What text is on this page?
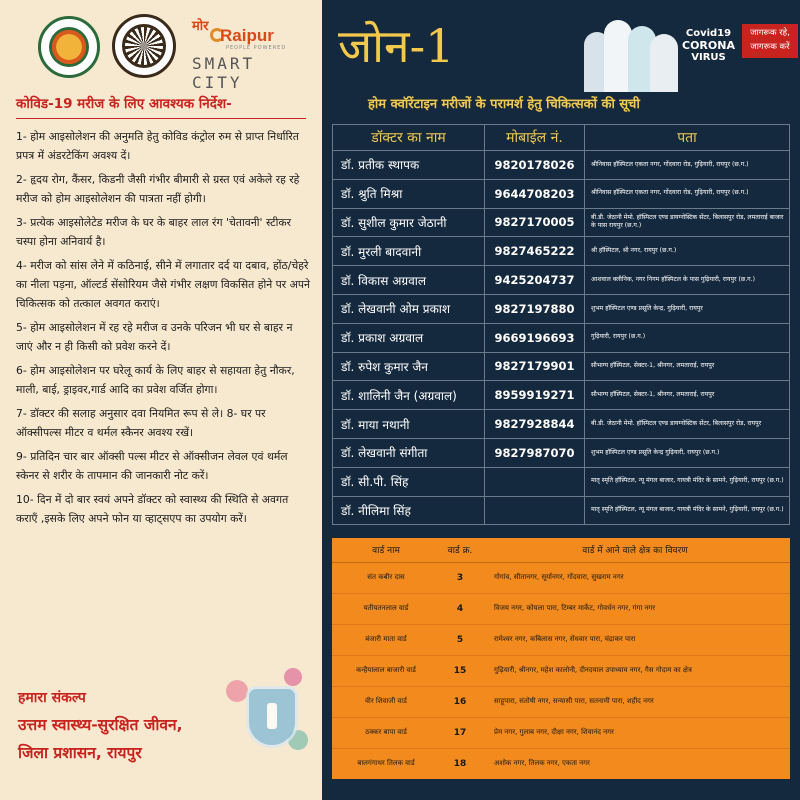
मोर Raipur
PEOPLE POWERED
SMART CITY
कोविड-19 मरीज के लिए आवश्यक निर्देश-

1- होम आइसोलेशन की अनुमति हेतु कोविड कंट्रोल रुम से प्राप्त निर्धारित प्रपत्र में अंडरटेकिंग अवश्य दें।

2- हृदय रोग, कैंसर, किडनी जैसी गंभीर बीमारी से ग्रस्त एवं अकेले रह रहे मरीज को होम आइसोलेशन की पात्रता नहीं होगी।

3- प्रत्येक आइसोलेटेड मरीज के घर के बाहर लाल रंग 'चेतावनी' स्टीकर चस्पा होना अनिवार्य है।

4- मरीज को सांस लेने में कठिनाई, सीने में लगातार दर्द या दबाव, होंठ/चेहरे का नीला पड़ना, ऑल्टर्ड सेंसोरियम जैसे गंभीर लक्षण विकसित होने पर अपने चिकित्सक को तत्काल अवगत कराएं।

5- होम आइसोलेशन में रह रहे मरीज व उनके परिजन भी घर से बाहर न जाएं और न ही किसी को प्रवेश करने दें।

6- होम आइसोलेशन पर घरेलू कार्य के लिए बाहर से सहायता हेतु नौकर, माली, बाई, ड्राइवर,गार्ड आदि का प्रवेश वर्जित होगा।

7- डॉक्टर की सलाह अनुसार दवा नियमित रूप से ले। 8- घर पर ऑक्सीपल्स मीटर व थर्मल स्कैनर अवश्य रखें।

9- प्रतिदिन चार बार ऑक्सी पल्स मीटर से ऑक्सीजन लेवल एवं थर्मल स्केनर से शरीर के तापमान की जानकारी नोट करें।

10- दिन में दो बार स्वयं अपने डॉक्टर को स्वास्थ्य की स्थिति से अवगत कराएँ ,इसके लिए अपने फोन या व्हाट्सएप का उपयोग करें।

हमारा संकल्प
उत्तम स्वास्थ्य-सुरक्षित जीवन,
जिला प्रशासन, रायपुर
जोन-1	Covid19
CORONA
VIRUS
जागरूक रहे,
जागरूक करें
होम क्वॉरेंटाइन मरीजों के परामर्श हेतु चिकित्सकों की सूची
डॉक्टर का नाम	मोबाईल नं.	पता
डॉ. प्रतीक स्थापक	9820178026	श्रीनिवास हॉस्पिटल एकता नगर, गोंदवारा रोड, गुढ़ियारी, रायपुर (छ.ग.)
डॉ. श्रुति मिश्रा	9644708203	श्रीनिवास हॉस्पिटल एकता नगर, गोंदवारा रोड, गुढ़ियारी, रायपुर (छ.ग.)
डॉ. सुशील कुमार जेठानी	9827170005	बी.डी. जेठानी मेमो. हॉस्पिटल एण्ड डायग्नोस्टिक सेंटर, बिलासपुर रोड, लमताराई बाजार के पास रायपुर (छ.ग.)
डॉ. मुरली बादवानी	9827465222	श्री हॉस्पिटल, श्री नगर, रायपुर (छ.ग.)
डॉ. विकास अग्रवाल	9425204737	आशवाल क्लीनिक, नगर निगम हॉस्पिटल के पास गुढ़ियारी, रायपुर (छ.ग.)
डॉ. लेखवानी ओम प्रकाश	9827197880	शुभम हॉस्पिटल एण्ड प्रसूति केन्द्र, गुढ़ियारी, रायपुर
डॉ. प्रकाश अग्रवाल	9669196693	गुढ़ियारी, रायपुर (छ.ग.)
डॉ. रुपेश कुमार जैन	9827179901	सौभाग्य हॉस्पिटल, सेक्टर-1, श्रीनगर, लमताराई, रायपुर
डॉ. शालिनी जैन (अग्रवाल)	8959919271	सौभाग्य हॉस्पिटल, सेक्टर-1, श्रीनगर, लमताराई, रायपुर
डॉ. माया नथानी	9827928844	बी.डी. जेठानी मेमो. हॉस्पिटल एण्ड डायग्नोस्टिक सेंटर, बिलासपुर रोड, रायपुर
डॉ. लेखवानी संगीता	9827987070	शुभम हॉस्पिटल एण्ड प्रसूति केन्द्र गुढ़ियारी, रायपुर (छ.ग.)
डॉ. सी.पी. सिंह		मातृ स्मृति हॉस्पिटल, न्यू मंगल बाजार, गायत्री मंदिर के सामने, गुढ़ियारी, रायपुर (छ.ग.)
डॉ. नीलिमा सिंह		मातृ स्मृति हॉस्पिटल, न्यू मंगल बाजार, गायत्री मंदिर के सामने, गुढ़ियारी, रायपुर (छ.ग.)
वार्ड नाम	वार्ड क्र.	वार्ड में आने वाले क्षेत्र का विवरण
संत कबीर दास	3	गोगांव, सीतानगर, सूर्यानगर, गोंदवारा, सुखराम नगर
यतीयतनलाल वार्ड	4	विजय नगर, कोयला पारा, टिम्बर मार्केट, गोवर्धन नगर, गंगा नगर
बंजारी माता वार्ड	5	रामेश्वर नगर, कबिलास नगर, सेंधवार पारा, चंद्राकर पारा
कन्हैयालाल बाजारी वार्ड	15	गुढ़ियारी, श्रीनगर, महेश कालोनी, दीनदयाल उपाध्याय नगर, गैस गोदाम का क्षेत्र
वीर शिवाजी वार्ड	16	साहूपारा, संतोषी नगर, सन्यासी पारा, सतनामी पारा, शहीद नगर
ठक्कर बापा वार्ड	17	प्रेम नगर, गुलाब नगर, दीक्षा नगर, शिवानंद नगर
बालगंगाधर तिलक वार्ड	18	अशोक नगर, तिलक नगर, एकता नगर
